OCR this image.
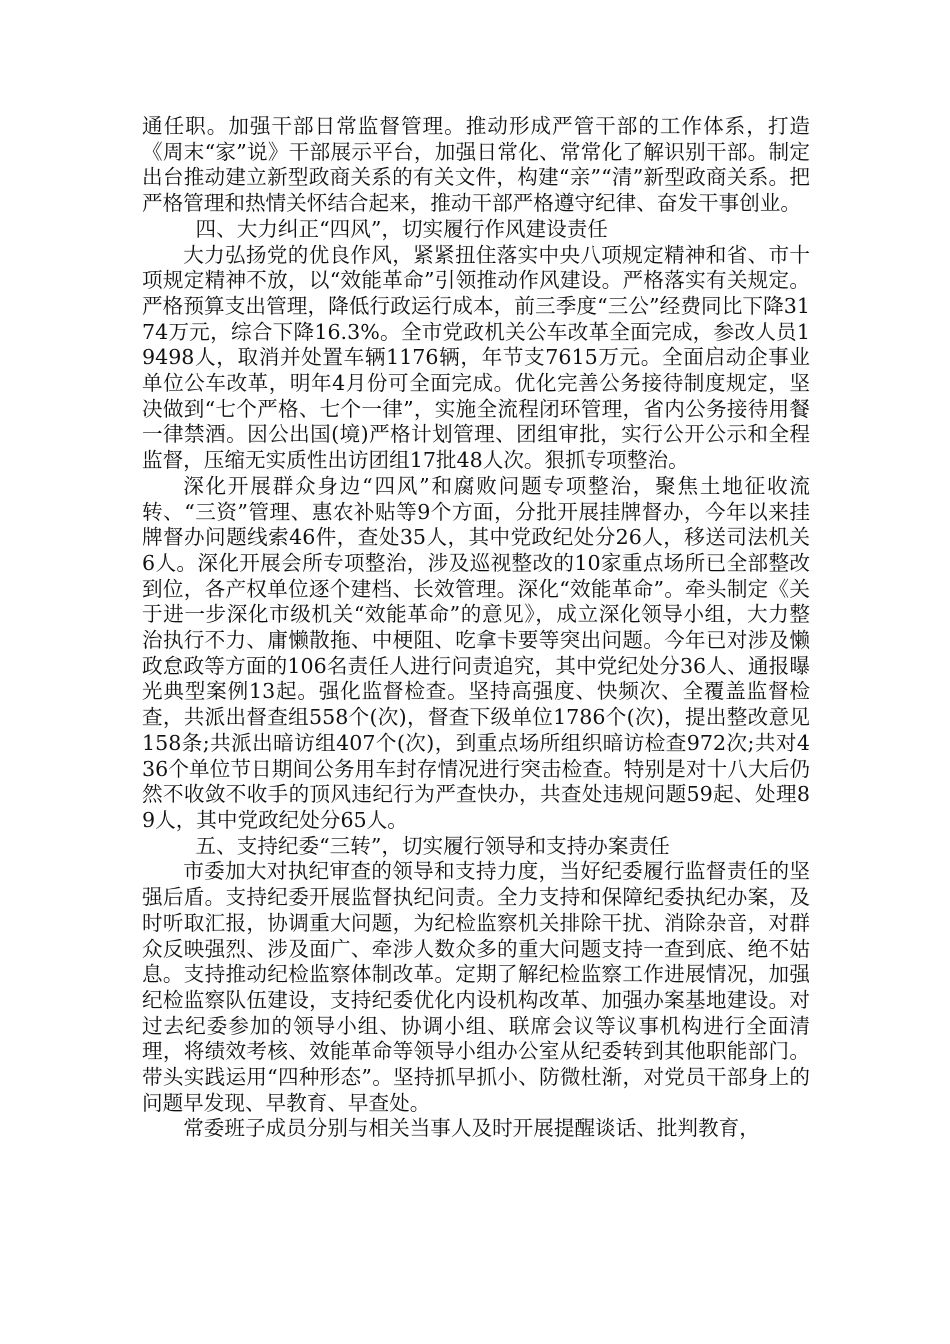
通任职。加强干部日常监督管理。推动形成严管干部的工作体系，打造《周末“家”说》干部展示平台，加强日常化、常常化了解识别干部。制定出台推动建立新型政商关系的有关文件，构建“亲”“清”新型政商关系。把严格管理和热情关怀结合起来，推动干部严格遵守纪律、奋发干事创业。

四、大力纠正“四风”，切实履行作风建设责任

大力弘扬党的优良作风，紧紧扭住落实中央八项规定精神和省、市十项规定精神不放，以“效能革命”引领推动作风建设。严格落实有关规定。严格预算支出管理，降低行政运行成本，前三季度“三公”经费同比下降3174万元，综合下降16.3%。全市党政机关公车改革全面完成，参改人员19498人，取消并处置车辆1176辆，年节支7615万元。全面启动企事业单位公车改革，明年4月份可全面完成。优化完善公务接待制度规定，坚决做到“七个严格、七个一律”，实施全流程闭环管理，省内公务接待用餐一律禁酒。因公出国(境)严格计划管理、团组审批，实行公开公示和全程监督，压缩无实质性出访团组17批48人次。狠抓专项整治。

深化开展群众身边“四风”和腐败问题专项整治，聚焦土地征收流转、“三资”管理、惠农补贴等9个方面，分批开展挂牌督办，今年以来挂牌督办问题线索46件，查处35人，其中党政纪处分26人，移送司法机关6人。深化开展会所专项整治，涉及巡视整改的10家重点场所已全部整改到位，各产权单位逐个建档、长效管理。深化“效能革命”。牵头制定《关于进一步深化市级机关“效能革命”的意见》，成立深化领导小组，大力整治执行不力、庸懒散拖、中梗阻、吃拿卡要等突出问题。今年已对涉及懒政怠政等方面的106名责任人进行问责追究，其中党纪处分36人、通报曝光典型案例13起。强化监督检查。坚持高强度、快频次、全覆盖监督检查，共派出督查组558个(次)，督查下级单位1786个(次)，提出整改意见158条;共派出暗访组407个(次)，到重点场所组织暗访检查972次;共对436个单位节日期间公务用车封存情况进行突击检查。特别是对十八大后仍然不收敛不收手的顶风违纪行为严查快办，共查处违规问题59起、处理89人，其中党政纪处分65人。

五、支持纪委“三转”，切实履行领导和支持办案责任

市委加大对执纪审查的领导和支持力度，当好纪委履行监督责任的坚强后盾。支持纪委开展监督执纪问责。全力支持和保障纪委执纪办案，及时听取汇报，协调重大问题，为纪检监察机关排除干扰、消除杂音，对群众反映强烈、涉及面广、牵涉人数众多的重大问题支持一查到底、绝不姑息。支持推动纪检监察体制改革。定期了解纪检监察工作进展情况，加强纪检监察队伍建设，支持纪委优化内设机构改革、加强办案基地建设。对过去纪委参加的领导小组、协调小组、联席会议等议事机构进行全面清理，将绩效考核、效能革命等领导小组办公室从纪委转到其他职能部门。带头实践运用“四种形态”。坚持抓早抓小、防微杜渐，对党员干部身上的问题早发现、早教育、早查处。

常委班子成员分别与相关当事人及时开展提醒谈话、批判教育，
